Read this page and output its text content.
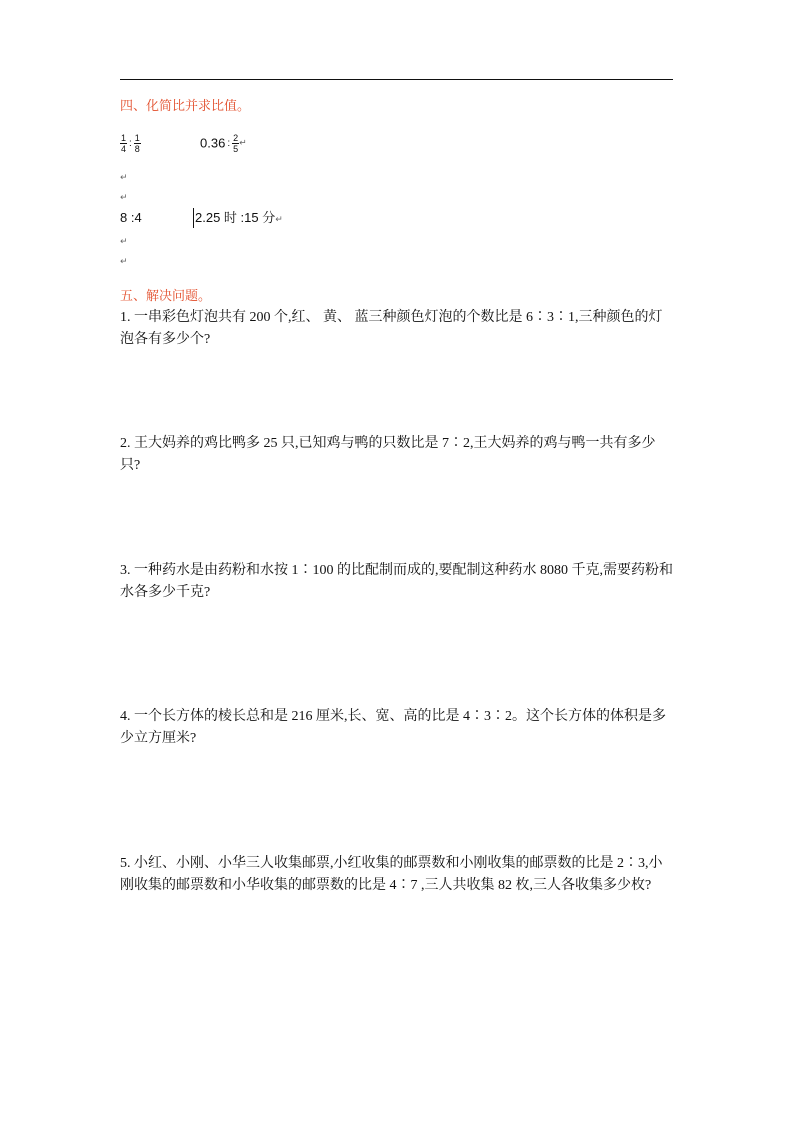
四、化简比并求比值。
$\frac{1}{4}$ : $\frac{1}{8}$	0.36 : $\frac{2}{5}$ ↵
↵
↵
8 :4	2.25 时 :15 分↵
↵
↵
五、解决问题。
1. 一串彩色灯泡共有 200 个,红、 黄、 蓝三种颜色灯泡的个数比是 6∶3∶1,三种颜色的灯
泡各有多少个?
2. 王大妈养的鸡比鸭多 25 只,已知鸡与鸭的只数比是 7∶2,王大妈养的鸡与鸭一共有多少
只?
3. 一种药水是由药粉和水按 1∶100 的比配制而成的,要配制这种药水 8080 千克,需要药粉和
水各多少千克?
4. 一个长方体的棱长总和是 216 厘米,长、宽、高的比是 4∶3∶2。这个长方体的体积是多
少立方厘米?
5. 小红、小刚、小华三人收集邮票,小红收集的邮票数和小刚收集的邮票数的比是 2∶3,小
刚收集的邮票数和小华收集的邮票数的比是 4∶7 ,三人共收集 82 枚,三人各收集多少枚?
